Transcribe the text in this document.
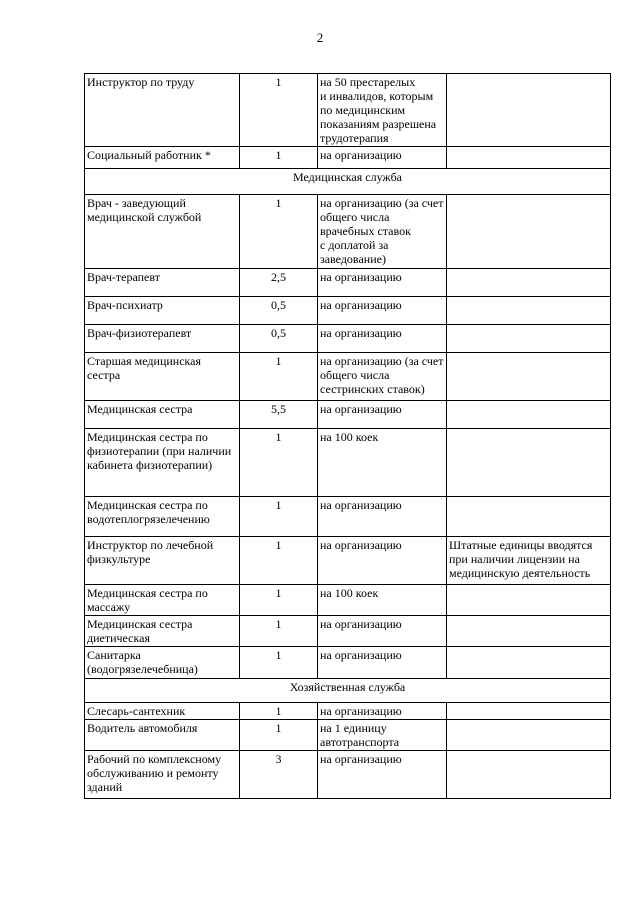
2
Инструктор по труду	1	на 50 престарелых
и инвалидов, которым по медицинским показаниям разрешена трудотерапия	
Социальный работник *	1	на организацию	
Медицинская служба			
Врач - заведующий медицинской службой	1	на организацию (за счет общего числа врачебных ставок
с доплатой за заведование)	
Врач-терапевт	2,5	на организацию	
Врач-психиатр	0,5	на организацию	
Врач-физиотерапевт	0,5	на организацию	
Старшая медицинская сестра	1	на организацию (за счет общего числа сестринских ставок)	
Медицинская сестра	5,5	на организацию	
Медицинская сестра по физиотерапии (при наличии кабинета физиотерапии)	1	на 100 коек	
Медицинская сестра по водотеплогрязелечению	1	на организацию	
Инструктор по лечебной физкультуре	1	на организацию	Штатные единицы вводятся при наличии лицензии на медицинскую деятельность
Медицинская сестра по массажу	1	на 100 коек	
Медицинская сестра диетическая	1	на организацию	
Санитарка (водогрязелечебница)	1	на организацию	
Хозяйственная служба			
Слесарь-сантехник	1	на организацию	
Водитель автомобиля	1	на 1 единицу автотранспорта	
Рабочий по комплексному обслуживанию и ремонту зданий	3	на организацию	
